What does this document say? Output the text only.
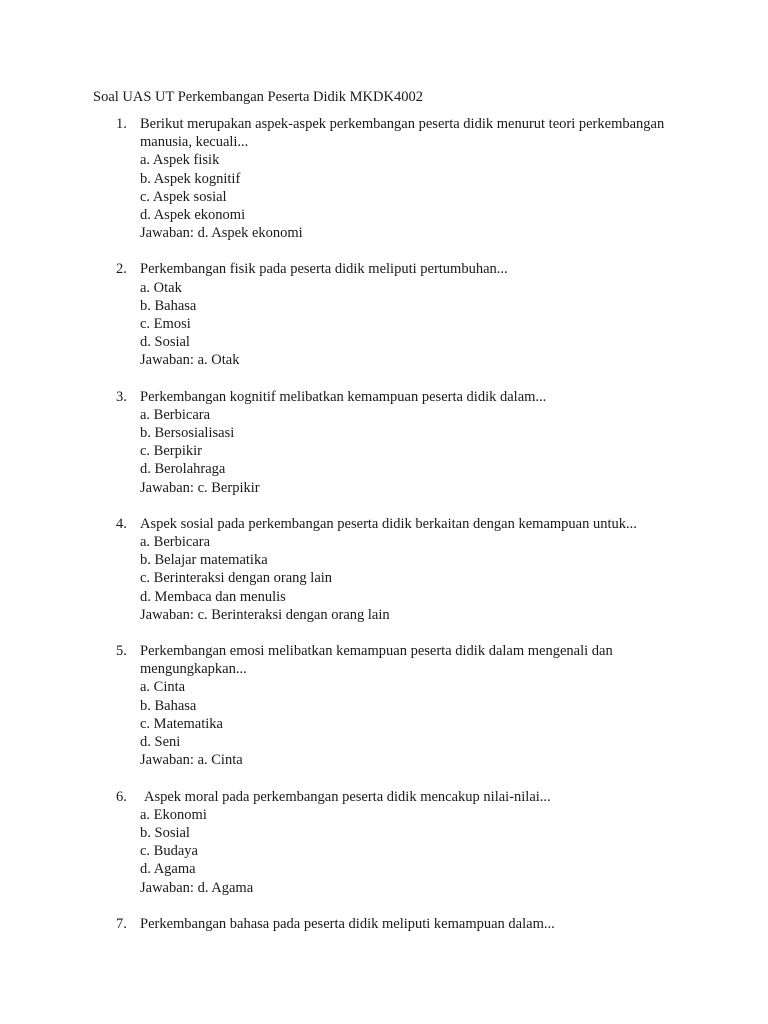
Soal UAS UT Perkembangan Peserta Didik MKDK4002
1. Berikut merupakan aspek-aspek perkembangan peserta didik menurut teori perkembangan manusia, kecuali...
a. Aspek fisik
b. Aspek kognitif
c. Aspek sosial
d. Aspek ekonomi
Jawaban: d. Aspek ekonomi
2. Perkembangan fisik pada peserta didik meliputi pertumbuhan...
a. Otak
b. Bahasa
c. Emosi
d. Sosial
Jawaban: a. Otak
3. Perkembangan kognitif melibatkan kemampuan peserta didik dalam...
a. Berbicara
b. Bersosialisasi
c. Berpikir
d. Berolahraga
Jawaban: c. Berpikir
4. Aspek sosial pada perkembangan peserta didik berkaitan dengan kemampuan untuk...
a. Berbicara
b. Belajar matematika
c. Berinteraksi dengan orang lain
d. Membaca dan menulis
Jawaban: c. Berinteraksi dengan orang lain
5. Perkembangan emosi melibatkan kemampuan peserta didik dalam mengenali dan mengungkapkan...
a. Cinta
b. Bahasa
c. Matematika
d. Seni
Jawaban: a. Cinta
6. Aspek moral pada perkembangan peserta didik mencakup nilai-nilai...
a. Ekonomi
b. Sosial
c. Budaya
d. Agama
Jawaban: d. Agama
7. Perkembangan bahasa pada peserta didik meliputi kemampuan dalam...
